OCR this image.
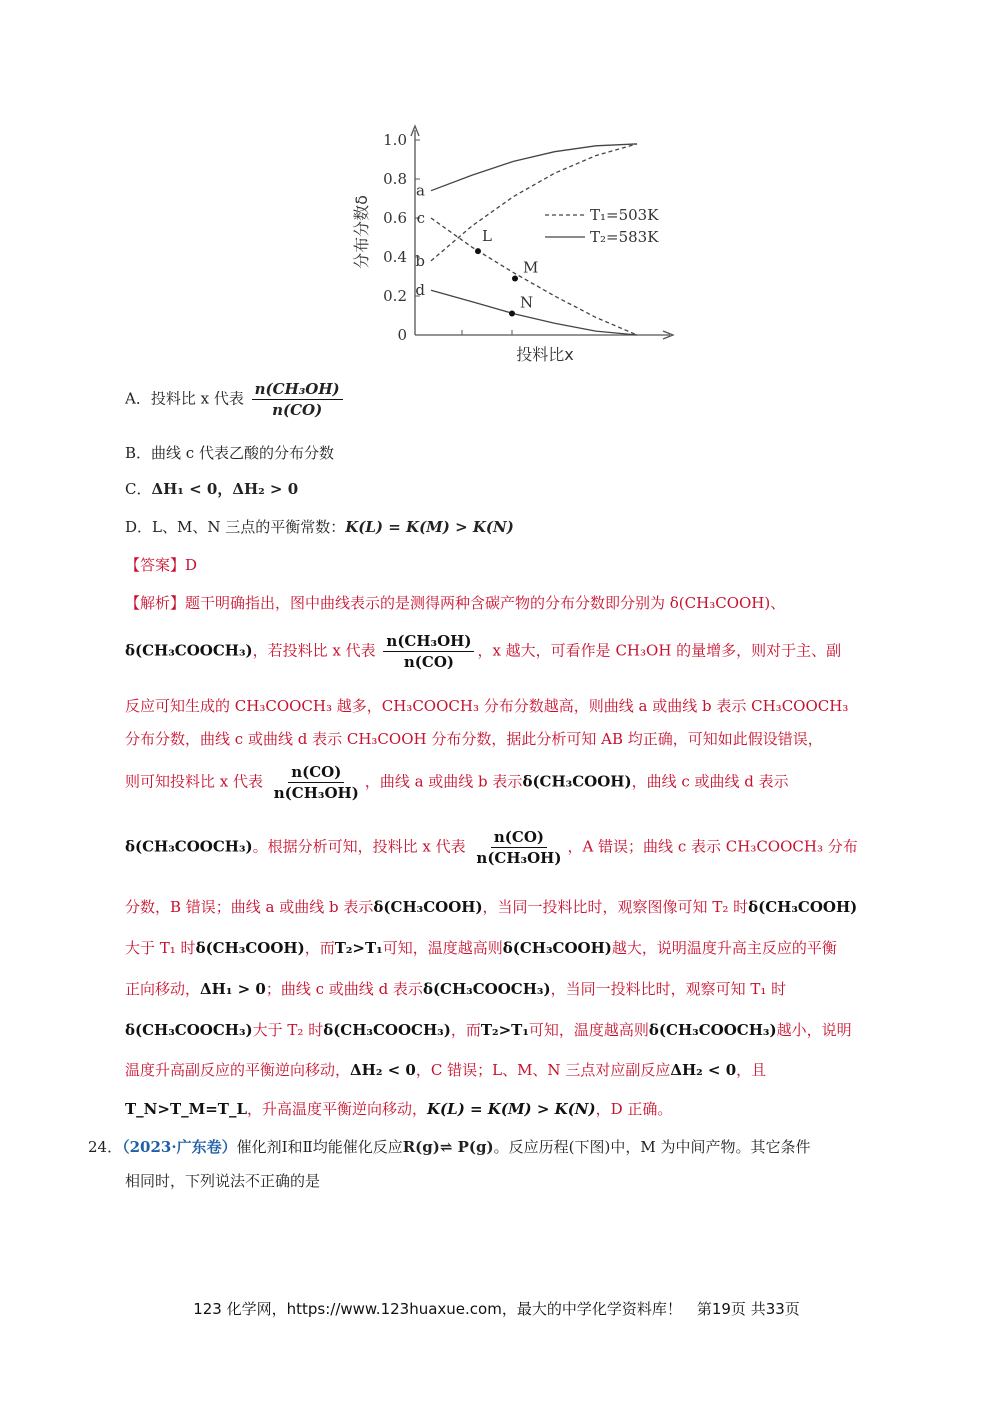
0
0.2
0.4
0.6
0.8
1.0
分布分数δ
投料比x
a
b
c
d
L
M
N
T₁=503K
T₂=583K
A．投料比 x 代表 $\frac{\text{n(CH₃OH)}}{n(CO)}$
B．曲线 c 代表乙酸的分布分数
C．ΔH₁ < 0，ΔH₂ > 0
D．L、M、N 三点的平衡常数：K(L) = K(M) > K(N)
【答案】D
【解析】题干明确指出，图中曲线表示的是测得两种含碳产物的分布分数即分别为 δ(CH₃COOH)、
δ(CH₃COOCH₃)，若投料比 x 代表 $\frac{\text{n(CH₃OH)}}{n(CO)}$ ，x 越大，可看作是 CH₃OH 的量增多，则对于主、副
反应可知生成的 CH₃COOCH₃ 越多，CH₃COOCH₃ 分布分数越高，则曲线 a 或曲线 b 表示 CH₃COOCH₃
分布分数，曲线 c 或曲线 d 表示 CH₃COOH 分布分数，据此分析可知 AB 均正确，可知如此假设错误，
则可知投料比 x 代表 $\frac{n(CO)}{\text{n(CH₃OH)}}$ ，曲线 a 或曲线 b 表示δ(CH₃COOH)，曲线 c 或曲线 d 表示
δ(CH₃COOCH₃)。根据分析可知，投料比 x 代表 $\frac{n(CO)}{\text{n(CH₃OH)}}$ ，A 错误；曲线 c 表示 CH₃COOCH₃ 分布
分数，B 错误；曲线 a 或曲线 b 表示δ(CH₃COOH)，当同一投料比时，观察图像可知 T₂ 时δ(CH₃COOH)
大于 T₁ 时δ(CH₃COOH)，而T₂>T₁可知，温度越高则δ(CH₃COOH)越大，说明温度升高主反应的平衡
正向移动，ΔH₁ > 0；曲线 c 或曲线 d 表示δ(CH₃COOCH₃)，当同一投料比时，观察可知 T₁ 时
δ(CH₃COOCH₃)大于 T₂ 时δ(CH₃COOCH₃)，而T₂>T₁可知，温度越高则δ(CH₃COOCH₃)越小，说明
温度升高副反应的平衡逆向移动，ΔH₂ < 0，C 错误；L、M、N 三点对应副反应ΔH₂ < 0，且
T_N>T_M=T_L，升高温度平衡逆向移动，K(L) = K(M) > K(N)，D 正确。
24．（2023·广东卷）催化剂Ⅰ和Ⅱ均能催化反应R(g)⇌ P(g)。反应历程(下图)中，M 为中间产物。其它条件
相同时，下列说法不正确的是
123 化学网，https://www.123huaxue.com，最大的中学化学资料库！　第19页 共33页
